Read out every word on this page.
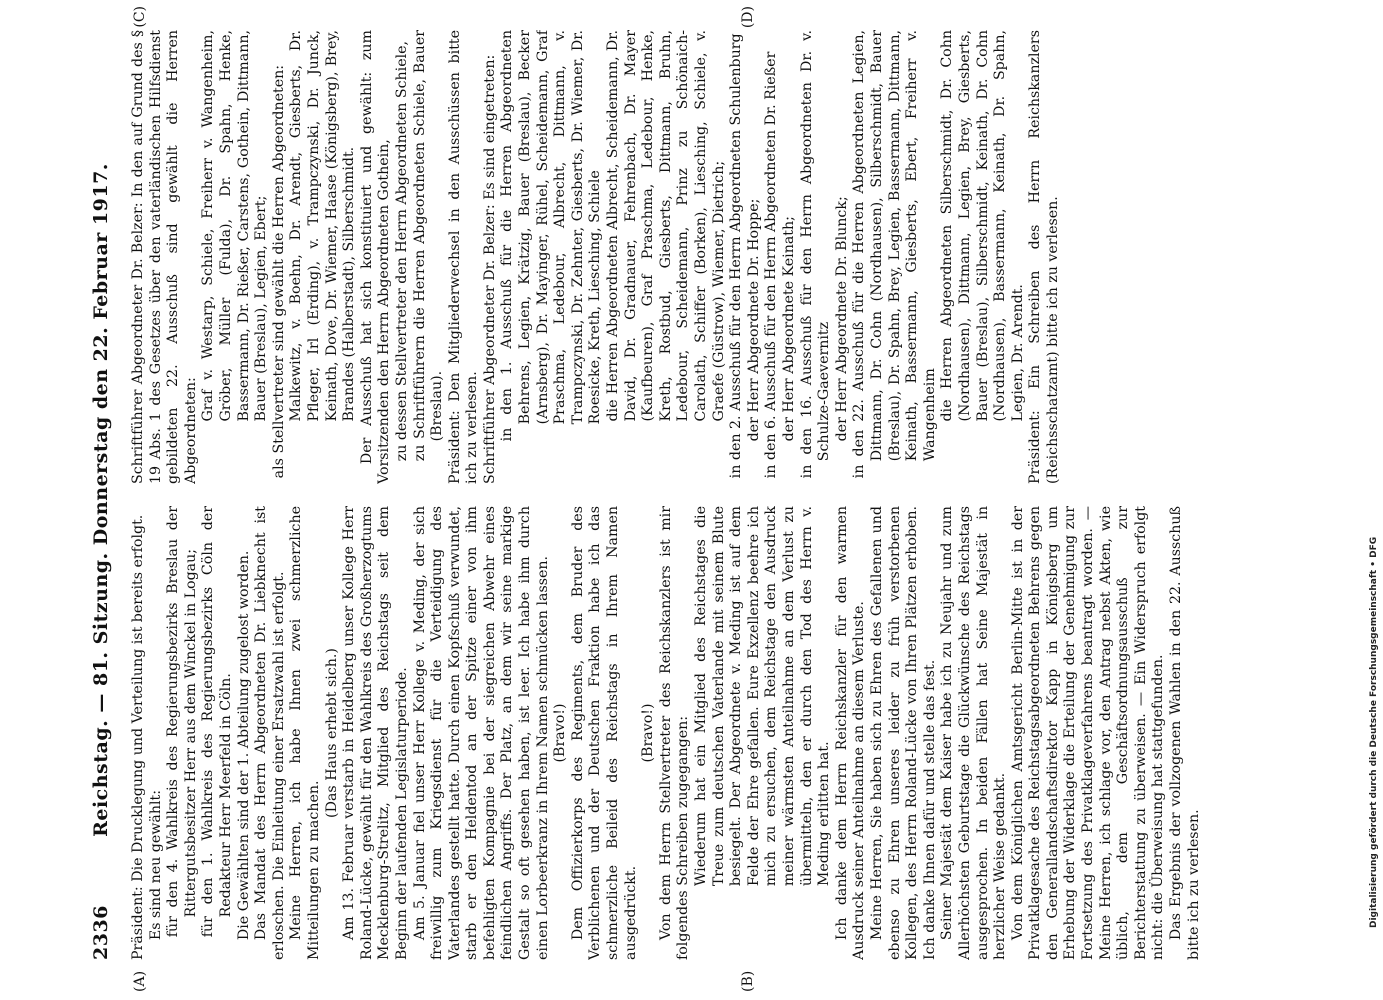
2336
Reichstag. — 81. Sitzung. Donnerstag den 22. Februar 1917.
(A)	(B)
(C)	(D)

Präsident: Die Drucklegung und Verteilung ist bereits erfolgt. Es sind neu gewählt: für den 4. Wahlkreis des Regierungsbezirks Breslau der Rittergutsbesitzer Herr aus dem Winckel in Logau; für den 1. Wahlkreis des Regierungsbezirks Cöln der Redakteur Herr Meerfeld in Cöln. Die Gewählten sind der 1. Abteilung zugelost worden. Das Mandat des Herrn Abgeordneten Dr. Liebknecht ist erloschen. Die Einleitung einer Ersatzwahl ist erfolgt. Meine Herren, ich habe Ihnen zwei schmerzliche Mitteilungen zu machen.

(Das Haus erhebt sich.) Am 13. Februar verstarb in Heidelberg unser Kollege Herr Roland-Lücke, gewählt für den Wahlkreis des Großherzogtums Mecklenburg-Strelitz, Mitglied des Reichstags seit dem Beginn der laufenden Legislaturperiode. Am 5. Januar fiel unser Herr Kollege v. Meding, der sich freiwillig zum Kriegsdienst für die Verteidigung des Vaterlandes gestellt hatte. Durch einen Kopfschuß verwundet, starb er den Heldentod an der Spitze einer von ihm befehligten Kompagnie bei der siegreichen Abwehr eines feindlichen Angriffs. Der Platz, an dem wir seine markige Gestalt so oft gesehen haben, ist leer. Ich habe ihm durch einen Lorbeerkranz in Ihrem Namen schmücken lassen. (Bravo!) Dem Offizierkorps des Regiments, dem Bruder des Verblichenen und der Deutschen Fraktion habe ich das schmerzliche Beileid des Reichstags in Ihrem Namen ausgedrückt.

(Bravo!) Von dem Herrn Stellvertreter des Reichskanzlers ist mir folgendes Schreiben zugegangen: Wiederum hat ein Mitglied des Reichstages die Treue zum deutschen Vaterlande mit seinem Blute besiegelt. Der Abgeordnete v. Meding ist auf dem Felde der Ehre gefallen. Eure Exzellenz beehre ich mich zu ersuchen, dem Reichstage den Ausdruck meiner wärmsten Anteilnahme an dem Verlust zu übermitteln, den er durch den Tod des Herrn v. Meding erlitten hat. Ich danke dem Herrn Reichskanzler für den warmen Ausdruck seiner Anteilnahme an diesem Verluste. Meine Herren, Sie haben sich zu Ehren des Gefallenen und ebenso zu Ehren unseres leider zu früh verstorbenen Kollegen, des Herrn Roland-Lücke von Ihren Plätzen erhoben. Ich danke Ihnen dafür und stelle das fest. Seiner Majestät dem Kaiser habe ich zu Neujahr und zum Allerhöchsten Geburtstage die Glückwünsche des Reichstags ausgesprochen. In beiden Fällen hat Seine Majestät in herzlicher Weise gedankt. Von dem Königlichen Amtsgericht Berlin-Mitte ist in der Privatklagesache des Reichstagsabgeordneten Behrens gegen den Generallandschaftsdirektor Kapp in Königsberg um Erhebung der Widerklage die Erteilung der Genehmigung zur Fortsetzung des Privatklageverfahrens beantragt worden. — Meine Herren, ich schlage vor, den Antrag nebst Akten, wie üblich, dem Geschäftsordnungsausschuß zur Berichterstattung zu überweisen. — Ein Widerspruch erfolgt nicht: die Überweisung hat stattgefunden. Das Ergebnis der vollzogenen Wahlen in den 22. Ausschuß bitte ich zu verlesen.

Schriftführer Abgeordneter Dr. Belzer: In den auf Grund des § 19 Abs. 1 des Gesetzes über den vaterländischen Hilfsdienst gebildeten 22. Ausschuß sind gewählt die Herren Abgeordneten:

Graf v. Westarp, Schiele, Freiherr v. Wangenheim, Gröber, Müller (Fulda), Dr. Spahn, Henke, Bassermann, Dr. Rießer, Carstens, Gothein, Dittmann, Bauer (Breslau), Legien, Ebert; als Stellvertreter sind gewählt die Herren Abgeordneten: Malkewitz, v. Boehn, Dr. Arendt, Giesberts, Dr. Pfleger, Irl (Erding), v. Trampczynski, Dr. Junck, Keinath, Dove, Dr. Wiemer, Haase (Königsberg), Brey, Brandes (Halberstadt), Silberschmidt. Der Ausschuß hat sich konstituiert und gewählt: zum Vorsitzenden den Herrn Abgeordneten Gothein, zu dessen Stellvertreter den Herrn Abgeordneten Schiele, zu Schriftführern die Herren Abgeordneten Schiele, Bauer (Breslau). Präsident: Den Mitgliederwechsel in den Ausschüssen bitte ich zu verlesen. Schriftführer Abgeordneter Dr. Belzer: Es sind eingetreten: in den 1. Ausschuß für die Herren Abgeordneten Behrens, Legien, Krätzig, Bauer (Breslau), Becker (Arnsberg), Dr. Mayinger, Rühel, Scheidemann, Graf Praschma, Ledebour, Albrecht, Dittmann, v. Trampczynski, Dr. Zehnter, Giesberts, Dr. Wiemer, Dr. Roesicke, Kreth, Liesching, Schiele die Herren Abgeordneten Albrecht, Scheidemann, Dr. David, Dr. Gradnauer, Fehrenbach, Dr. Mayer (Kaufbeuren), Graf Praschma, Ledebour, Henke, Kreth, Rostbud, Giesberts, Dittmann, Bruhn, Ledebour, Scheidemann, Prinz zu Schönaich-Carolath, Schiffer (Borken), Liesching, Schiele, v. Graefe (Güstrow), Wiemer, Dietrich; in den 2. Ausschuß für den Herrn Abgeordneten Schulenburg der Herr Abgeordnete Dr. Hoppe; in den 6. Ausschuß für den Herrn Abgeordneten Dr. Rießer der Herr Abgeordnete Keinath; in den 16. Ausschuß für den Herrn Abgeordneten Dr. v. Schulze-Gaevernitz der Herr Abgeordnete Dr. Blunck; in den 22. Ausschuß für die Herren Abgeordneten Legien, Dittmann, Dr. Cohn (Nordhausen), Silberschmidt, Bauer (Breslau), Dr. Spahn, Brey, Legien, Bassermann, Dittmann, Keinath, Bassermann, Giesberts, Ebert, Freiherr v. Wangenheim die Herren Abgeordneten Silberschmidt, Dr. Cohn (Nordhausen), Dittmann, Legien, Brey, Giesberts, Bauer (Breslau), Silberschmidt, Keinath, Dr. Cohn (Nordhausen), Bassermann, Keinath, Dr. Spahn, Legien, Dr. Arendt. Präsident: Ein Schreiben des Herrn Reichskanzlers (Reichsschatzamt) bitte ich zu verlesen.

Digitalisierung gefördert durch die Deutsche Forschungsgemeinschaft • DFG
